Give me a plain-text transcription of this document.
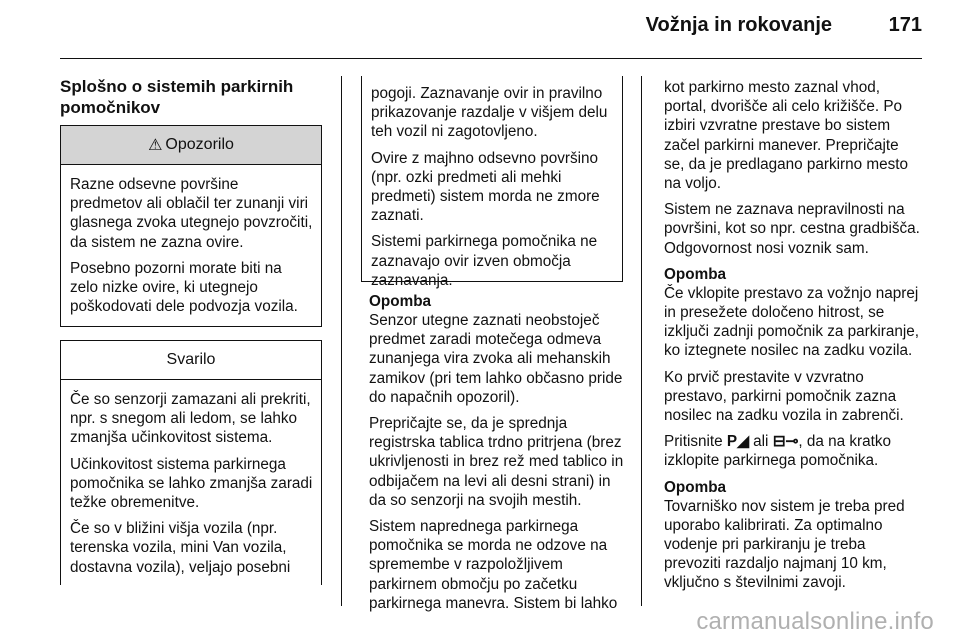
Vožnja in rokovanje	171
Splošno o sistemih parkirnih pomočnikov
⚠ Opozorilo

Razne odsevne površine predmetov ali oblačil ter zunanji viri glasnega zvoka utegnejo povzročiti, da sistem ne zazna ovire.

Posebno pozorni morate biti na zelo nizke ovire, ki utegnejo poškodovati dele podvozja vozila.

Svarilo

Če so senzorji zamazani ali prekriti, npr. s snegom ali ledom, se lahko zmanjša učinkovitost sistema.

Učinkovitost sistema parkirnega pomočnika se lahko zmanjša zaradi težke obremenitve.

Če so v bližini višja vozila (npr. terenska vozila, mini Van vozila, dostavna vozila), veljajo posebni

pogoji. Zaznavanje ovir in pravilno prikazovanje razdalje v višjem delu teh vozil ni zagotovljeno.

Ovire z majhno odsevno površino (npr. ozki predmeti ali mehki predmeti) sistem morda ne zmore zaznati.

Sistemi parkirnega pomočnika ne zaznavajo ovir izven območja zaznavanja.

Opomba

Senzor utegne zaznati neobstoječ predmet zaradi motečega odmeva zunanjega vira zvoka ali mehanskih zamikov (pri tem lahko občasno pride do napačnih opozoril).

Prepričajte se, da je sprednja registrska tablica trdno pritrjena (brez ukrivljenosti in brez rež med tablico in odbijačem na levi ali desni strani) in da so senzorji na svojih mestih.

Sistem naprednega parkirnega pomočnika se morda ne odzove na spremembe v razpoložljivem parkirnem območju po začetku parkirnega manevra. Sistem bi lahko

kot parkirno mesto zaznal vhod, portal, dvorišče ali celo križišče. Po izbiri vzvratne prestave bo sistem začel parkirni manever. Prepričajte se, da je predlagano parkirno mesto na voljo.

Sistem ne zaznava nepravilnosti na površini, kot so npr. cestna gradbišča. Odgovornost nosi voznik sam.

Opomba

Če vklopite prestavo za vožnjo naprej in presežete določeno hitrost, se izključi zadnji pomočnik za parkiranje, ko iztegnete nosilec na zadku vozila.

Ko prvič prestavite v vzvratno prestavo, parkirni pomočnik zazna nosilec na zadku vozila in zabrenči.

Pritisnite P◢ ali ⊟⊸, da na kratko izklopite parkirnega pomočnika.

Opomba

Tovarniško nov sistem je treba pred uporabo kalibrirati. Za optimalno vodenje pri parkiranju je treba prevoziti razdaljo najmanj 10 km, vključno s številnimi zavoji.

carmanualsonline.info
